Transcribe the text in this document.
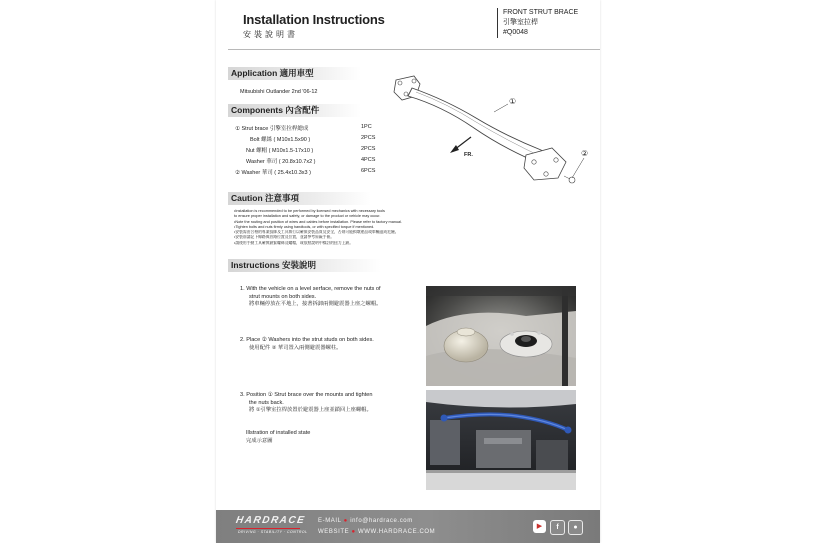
Installation Instructions
安裝說明書
FRONT STRUT BRACE
引擎室拉桿
#Q0048
Application 適用車型
Mitsubishi Outlander 2nd '06-12
Components 內含配件
① Strut brace 引擎室拉桿總成	1PC
Bolt 螺絲 ( M10x1.5x90 )	2PCS
Nut 螺帽 ( M10x1.5-17x10 )	2PCS
Washer 華司 ( 20.8x10.7x2 )	4PCS
② Washer 華司 ( 25.4x10.3x3 )	6PCS
①
②
FR.
Caution 注意事項
•Installation is recommended to be performed by licensed mechanics with necessary tools
to ensure proper installation and safety, or damage to the product or vehicle may occur.
•Note the routing and position of wires and cables before installation. Please refer to factory manual.
•Tighten bolts and nuts firmly using handtools, or with specified torque if mentioned.
•安裝需由合格的專業技師及工具執行以確保安裝品質及安全，否則可能損壞產品或車輛造成危險。
•安裝前請記下線路與管路位置及位置，並請參考原廠手冊。
•請使用手動工具確實鎖緊螺絲及螺帽，或依照說明中標註的扭力上鎖。
Instructions 安裝說明
1. With the vehicle on a level serface, remove the nuts of
strut mounts on both sides.
將車輛停放在平地上，接著拆卸兩側避震器上座之螺帽。
2. Place ② Washers into the strut studs on both sides.
使用配件 ② 華司置入兩側避震器螺柱。
3. Position ① Strut brace over the mounts and tighten
the nuts back.
將 ①引擎室拉桿放置於避震器上座並鎖回上座螺帽。
Illstration of installed state
完成示意圖
HARDRACE
DRIVING · STABILITY · CONTROL
E-MAIL ● info@hardrace.com
WEBSITE ● WWW.HARDRACE.COM
▶	f	●
